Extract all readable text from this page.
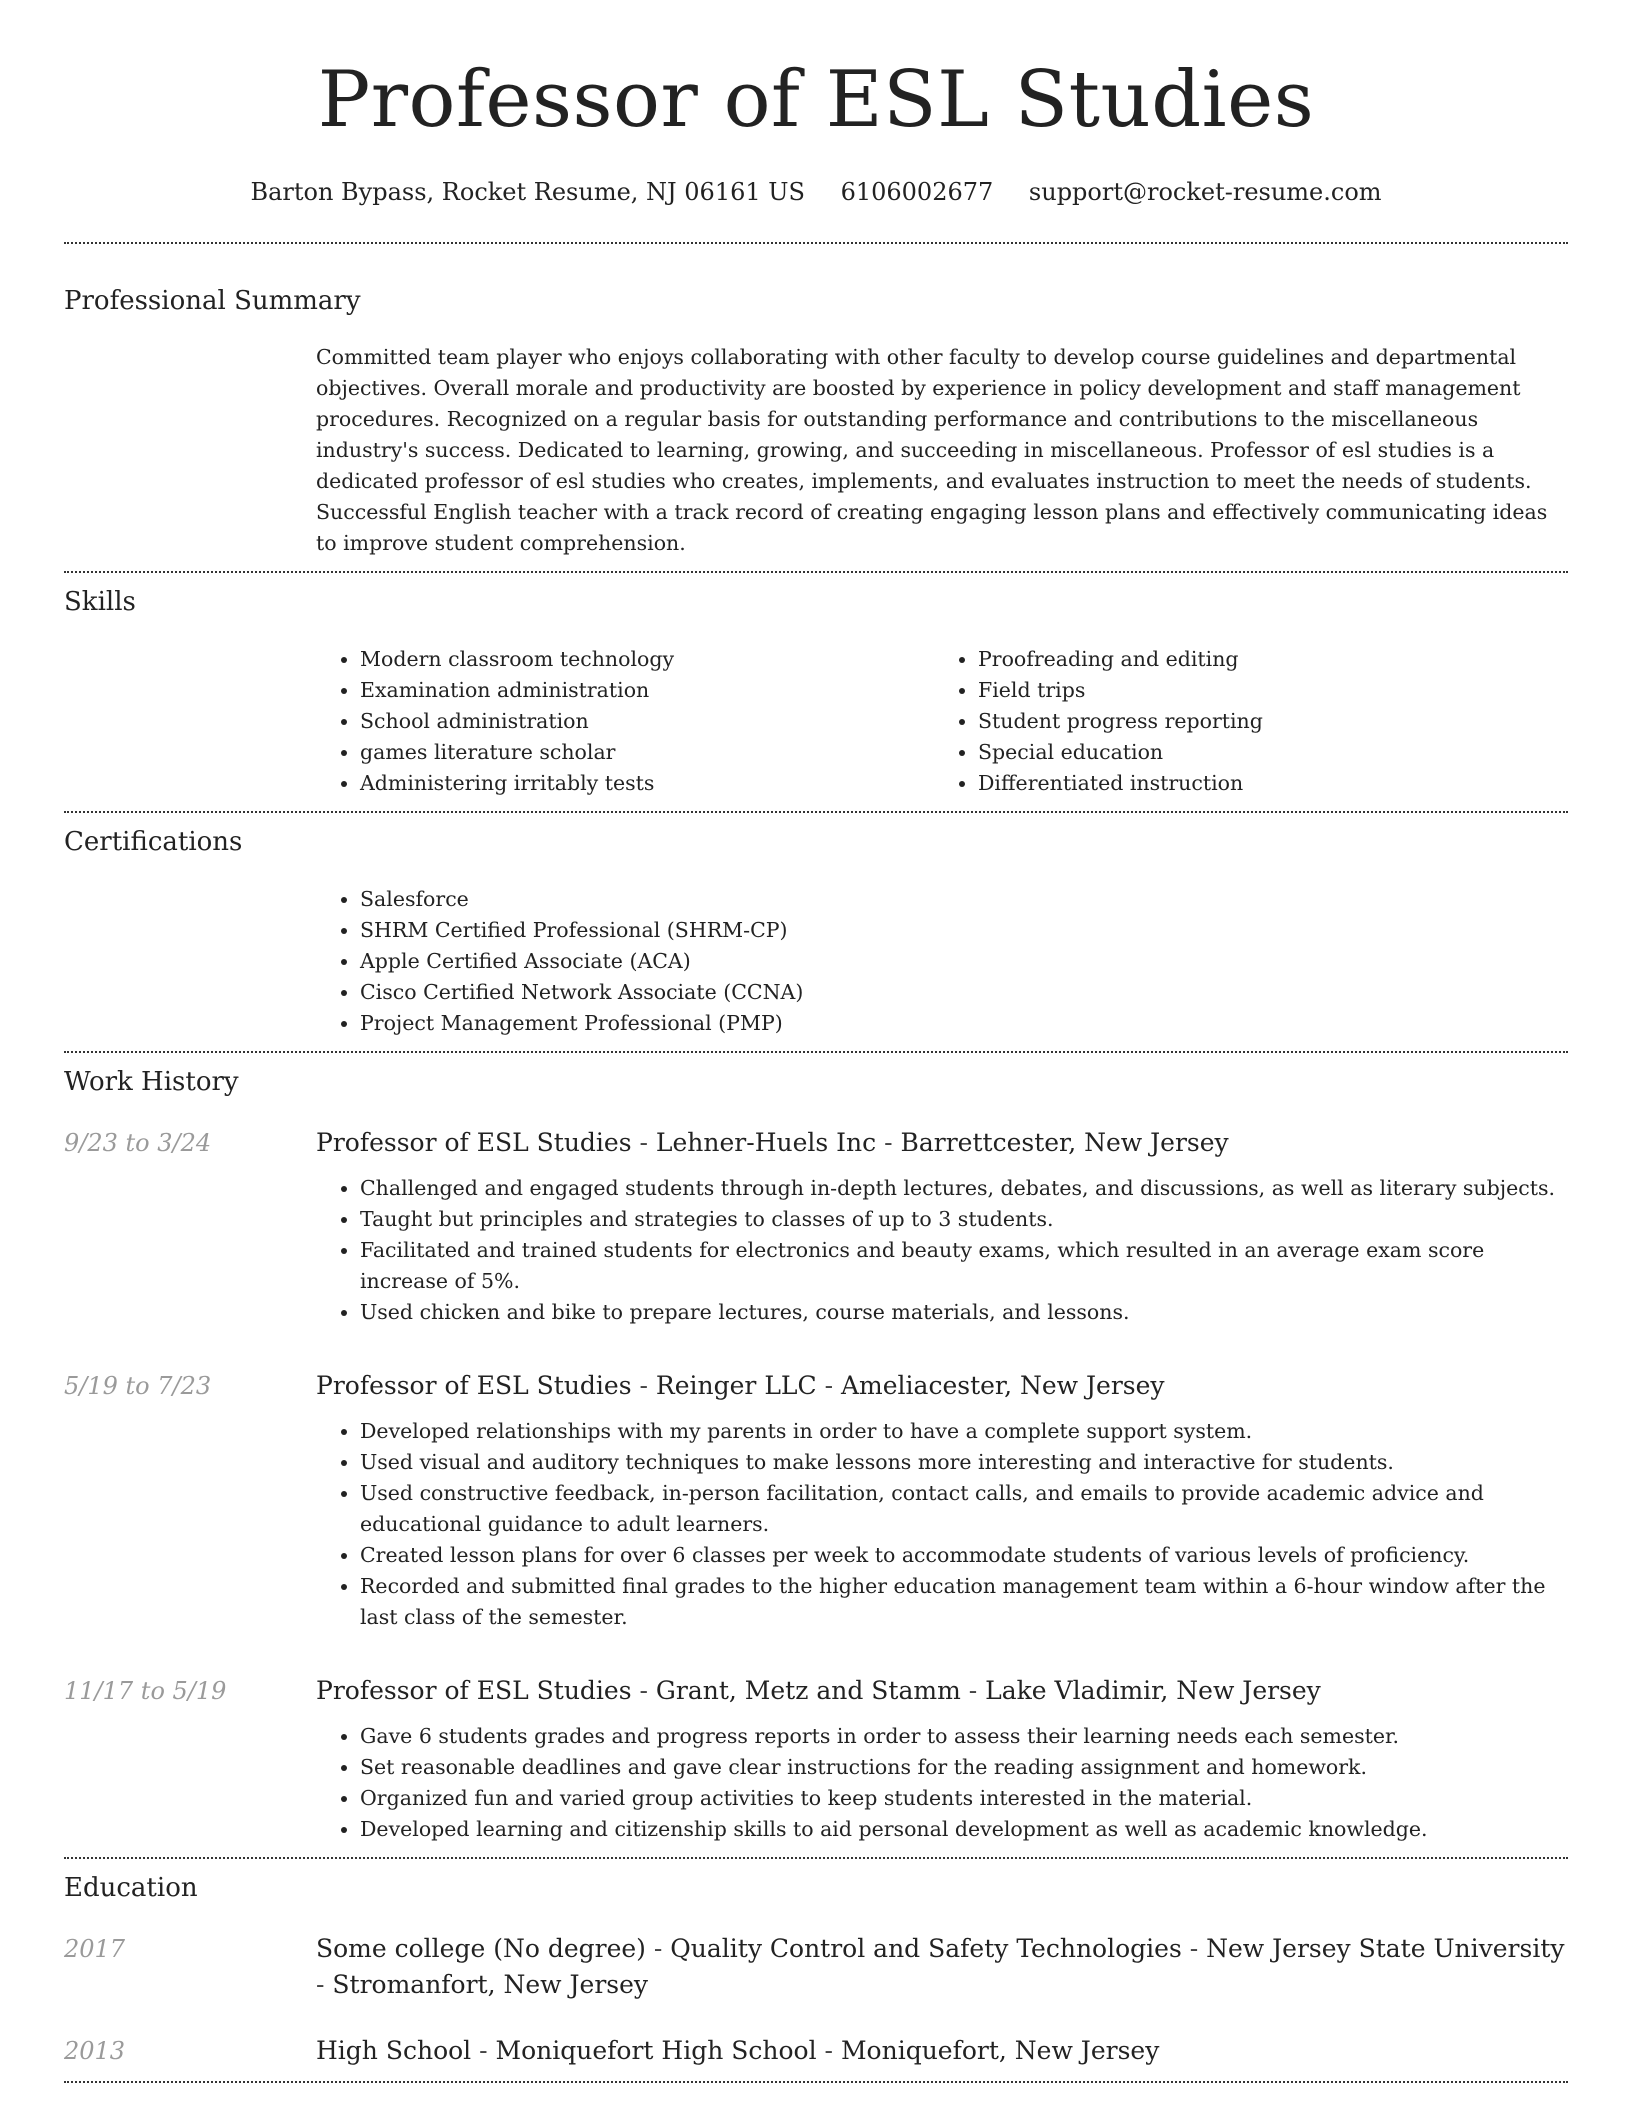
Professor of ESL Studies
Barton Bypass, Rocket Resume, NJ 06161 US 6106002677 support@rocket-resume.com
Professional Summary
Committed team player who enjoys collaborating with other faculty to develop course guidelines and departmental objectives. Overall morale and productivity are boosted by experience in policy development and staff management procedures. Recognized on a regular basis for outstanding performance and contributions to the miscellaneous industry's success. Dedicated to learning, growing, and succeeding in miscellaneous. Professor of esl studies is a dedicated professor of esl studies who creates, implements, and evaluates instruction to meet the needs of students. Successful English teacher with a track record of creating engaging lesson plans and effectively communicating ideas to improve student comprehension.
Skills
• Modern classroom technology
• Examination administration
• School administration
• games literature scholar
• Administering irritably tests
• Proofreading and editing
• Field trips
• Student progress reporting
• Special education
• Differentiated instruction
Certifications
• Salesforce
• SHRM Certified Professional (SHRM-CP)
• Apple Certified Associate (ACA)
• Cisco Certified Network Associate (CCNA)
• Project Management Professional (PMP)
Work History
9/23 to 3/24	Professor of ESL Studies - Lehner-Huels Inc - Barrettcester, New Jersey
• Challenged and engaged students through in-depth lectures, debates, and discussions, as well as literary subjects.
• Taught but principles and strategies to classes of up to 3 students.
• Facilitated and trained students for electronics and beauty exams, which resulted in an average exam score increase of 5%.
• Used chicken and bike to prepare lectures, course materials, and lessons.
5/19 to 7/23	Professor of ESL Studies - Reinger LLC - Ameliacester, New Jersey
• Developed relationships with my parents in order to have a complete support system.
• Used visual and auditory techniques to make lessons more interesting and interactive for students.
• Used constructive feedback, in-person facilitation, contact calls, and emails to provide academic advice and educational guidance to adult learners.
• Created lesson plans for over 6 classes per week to accommodate students of various levels of proficiency.
• Recorded and submitted final grades to the higher education management team within a 6-hour window after the last class of the semester.
11/17 to 5/19	Professor of ESL Studies - Grant, Metz and Stamm - Lake Vladimir, New Jersey
• Gave 6 students grades and progress reports in order to assess their learning needs each semester.
• Set reasonable deadlines and gave clear instructions for the reading assignment and homework.
• Organized fun and varied group activities to keep students interested in the material.
• Developed learning and citizenship skills to aid personal development as well as academic knowledge.
Education
2017	Some college (No degree) - Quality Control and Safety Technologies - New Jersey State University - Stromanfort, New Jersey
2013	High School - Moniquefort High School - Moniquefort, New Jersey
